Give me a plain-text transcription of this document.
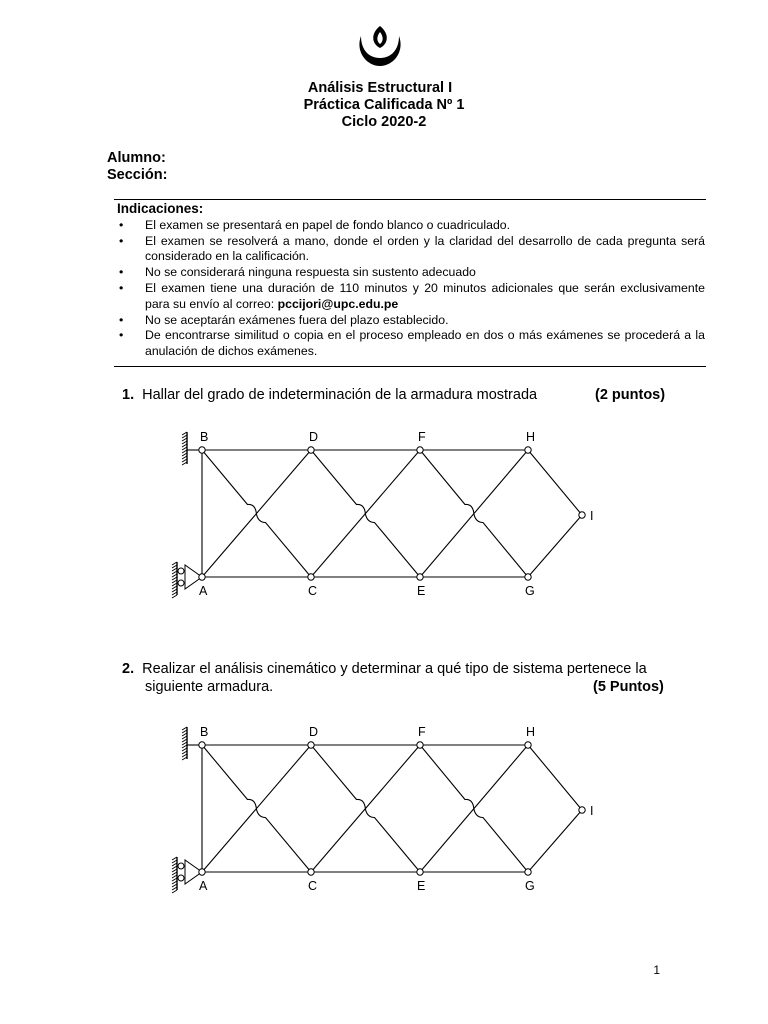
Análisis Estructural I
Práctica Calificada Nº 1
Ciclo 2020-2
Alumno:
Sección:
Indicaciones:
• El examen se presentará en papel de fondo blanco o cuadriculado.
• El examen se resolverá a mano, donde el orden y la claridad del desarrollo de cada pregunta será considerado en la calificación.
• No se considerará ninguna respuesta sin sustento adecuado
• El examen tiene una duración de 110 minutos y 20 minutos adicionales que serán exclusivamente para su envío al correo: pccijori@upc.edu.pe
• No se aceptarán exámenes fuera del plazo establecido.
• De encontrarse similitud o copia en el proceso empleado en dos o más exámenes se procederá a la anulación de dichos exámenes.
1. Hallar del grado de indeterminación de la armadura mostrada	(2 puntos)
B	D	F	H
A	C	E	G
I
2. Realizar el análisis cinemático y determinar a qué tipo de sistema pertenece la
siguiente armadura.	(5 Puntos)
B	D	F	H
A	C	E	G
I
1
